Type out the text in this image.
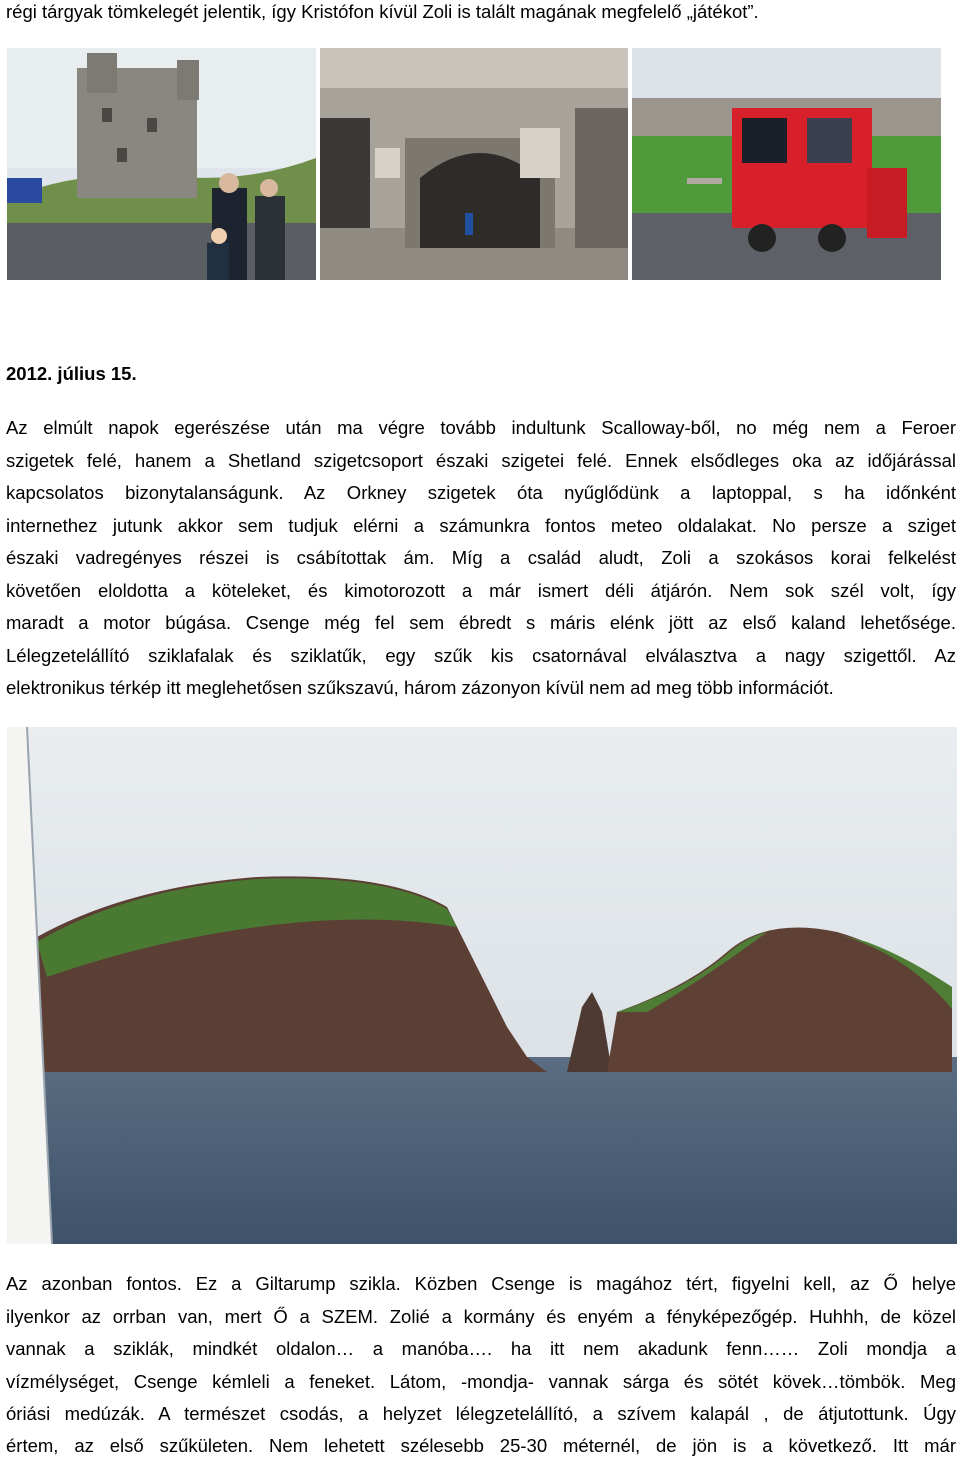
régi tárgyak tömkelegét jelentik, így Kristófon kívül Zoli is talált magának megfelelő „játékot”.
2012. július 15.
Az elmúlt napok egerészése után ma végre tovább indultunk Scalloway-ből, no még nem a Feroer
szigetek felé, hanem a Shetland szigetcsoport északi szigetei felé. Ennek elsődleges oka az időjárással
kapcsolatos bizonytalanságunk. Az Orkney szigetek óta nyűglődünk a laptoppal, s ha időnként
internethez jutunk akkor sem tudjuk elérni a számunkra fontos meteo oldalakat. No persze a sziget
északi vadregényes részei is csábítottak ám. Míg a család aludt, Zoli a szokásos korai felkelést
követően eloldotta a köteleket, és kimotorozott a már ismert déli átjárón. Nem sok szél volt, így
maradt a motor búgása. Csenge még fel sem ébredt s máris elénk jött az első kaland lehetősége.
Lélegzetelállító sziklafalak és sziklatűk, egy szűk kis csatornával elválasztva a nagy szigettől. Az
elektronikus térkép itt meglehetősen szűkszavú, három zázonyon kívül nem ad meg több információt.
Az azonban fontos. Ez a Giltarump szikla. Közben Csenge is magához tért, figyelni kell, az Ő helye
ilyenkor az orrban van, mert Ő a SZEM. Zolié a kormány és enyém a fényképezőgép. Huhhh, de közel
vannak a sziklák, mindkét oldalon… a manóba…. ha itt nem akadunk fenn…… Zoli mondja a
vízmélységet, Csenge kémleli a feneket. Látom, -mondja- vannak sárga és sötét kövek…tömbök. Meg
óriási medúzák. A természet csodás, a helyzet lélegzetelállító, a szívem kalapál , de átjutottunk. Úgy
értem, az első szűkületen. Nem lehetett szélesebb 25-30 méternél, de jön is a következő. Itt már
